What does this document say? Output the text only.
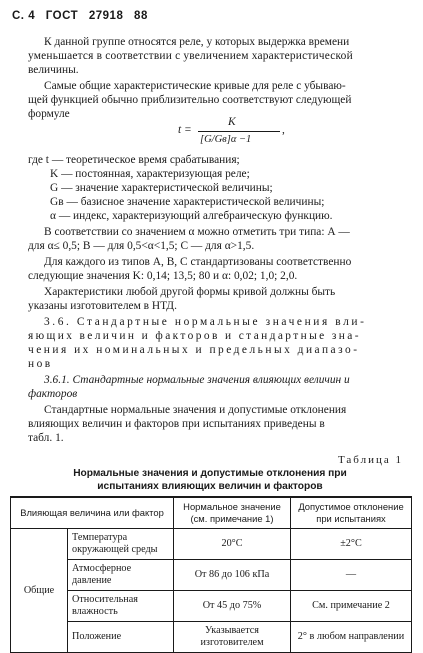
С. 4 ГОСТ 27918 88
К данной группе относятся реле, у которых выдержка времени
уменьшается в соответствии с увеличением характеристической
величины.
Самые общие характеристические кривые для реле с убываю-
щей функцией обычно приблизительно соответствуют следующей
формуле
t =
K
[G/Gв]α −1
,
где t — теоретическое время срабатывания;
K — постоянная, характеризующая реле;
G — значение характеристической величины;
Gв — базисное значение характеристической величины;
α — индекс, характеризующий алгебраическую функцию.
В соответствии со значением α можно отметить три типа: А —
для α≤ 0,5; В — для 0,5<α<1,5; С — для α>1,5.
Для каждого из типов А, В, С стандартизованы соответственно
следующие значения K: 0,14; 13,5; 80 и α: 0,02; 1,0; 2,0.
Характеристики любой другой формы кривой должны быть
указаны изготовителем в НТД.
3.6. Стандартные нормальные значения вли-
яющих величин и факторов и стандартные зна-
чения их номинальных и предельных диапазо-
нов
3.6.1. Стандартные нормальные значения влияющих величин и
факторов
Стандартные нормальные значения и допустимые отклонения
влияющих величин и факторов при испытаниях приведены в
табл. 1.
Таблица 1
Нормальные значения и допустимые отклонения при
испытаниях влияющих величин и факторов
Влияющая величина или фактор		Нормальное значение (см. примечание 1)	Допустимое отклонение при испытаниях
Общие	Температура окружающей среды	20°С	±2°С
	Атмосферное давление	От 86 до 106 кПа	—
	Относительная влажность	От 45 до 75%	См. примечание 2
	Положение	Указывается изготовителем	2° в любом направлении
